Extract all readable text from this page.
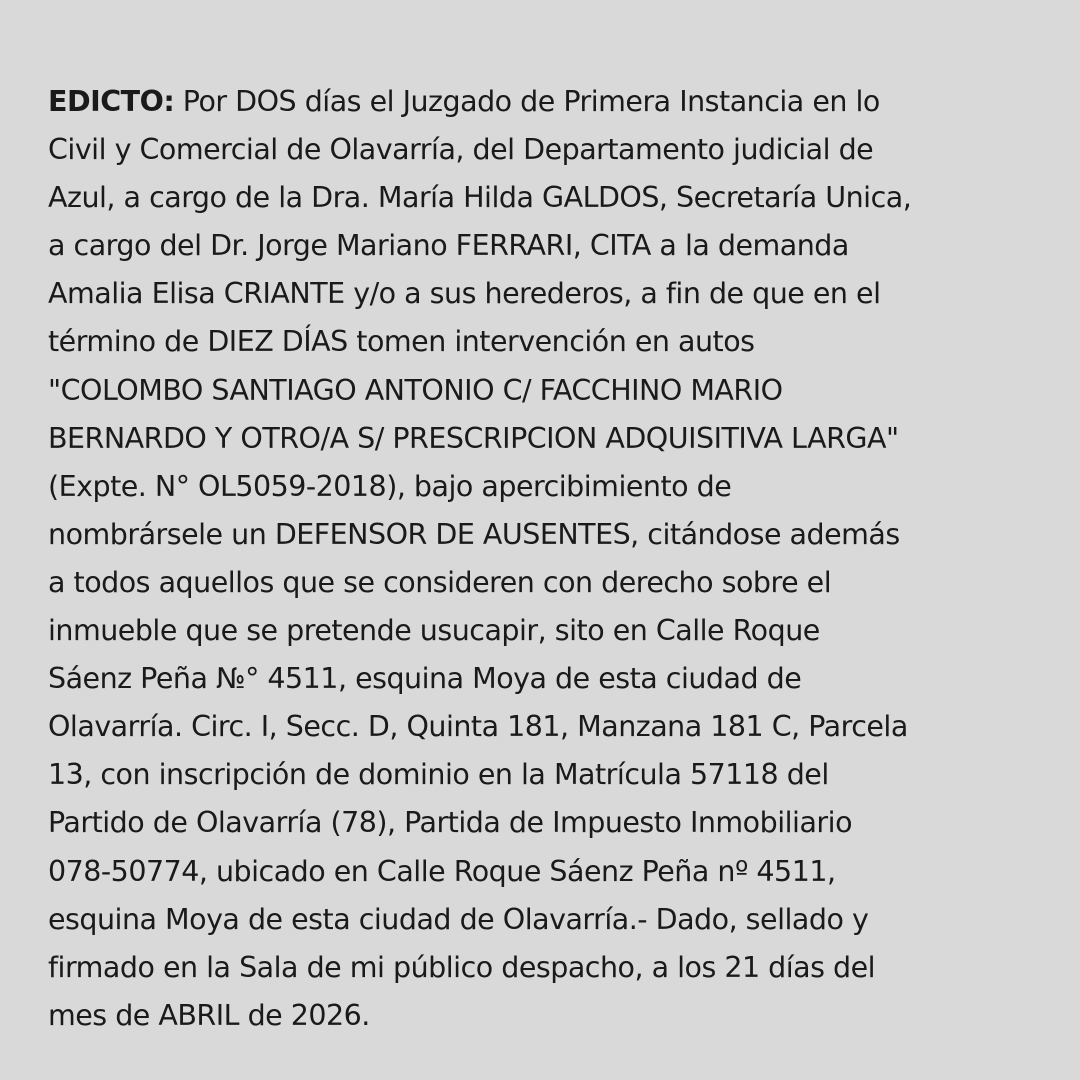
EDICTO: Por DOS días el Juzgado de Primera Instancia en lo
Civil y Comercial de Olavarría, del Departamento judicial de
Azul, a cargo de la Dra. María Hilda GALDOS, Secretaría Unica,
a cargo del Dr. Jorge Mariano FERRARI, CITA a la demanda
Amalia Elisa CRIANTE y/o a sus herederos, a fin de que en el
término de DIEZ DÍAS tomen intervención en autos
"COLOMBO SANTIAGO ANTONIO C/ FACCHINO MARIO
BERNARDO Y OTRO/A S/ PRESCRIPCION ADQUISITIVA LARGA"
(Expte. N° OL5059-2018), bajo apercibimiento de
nombrársele un DEFENSOR DE AUSENTES, citándose además
a todos aquellos que se consideren con derecho sobre el
inmueble que se pretende usucapir, sito en Calle Roque
Sáenz Peña №° 4511, esquina Moya de esta ciudad de
Olavarría. Circ. I, Secc. D, Quinta 181, Manzana 181 C, Parcela
13, con inscripción de dominio en la Matrícula 57118 del
Partido de Olavarría (78), Partida de Impuesto Inmobiliario
078-50774, ubicado en Calle Roque Sáenz Peña nº 4511,
esquina Moya de esta ciudad de Olavarría.- Dado, sellado y
firmado en la Sala de mi público despacho, a los 21 días del
mes de ABRIL de 2026.
